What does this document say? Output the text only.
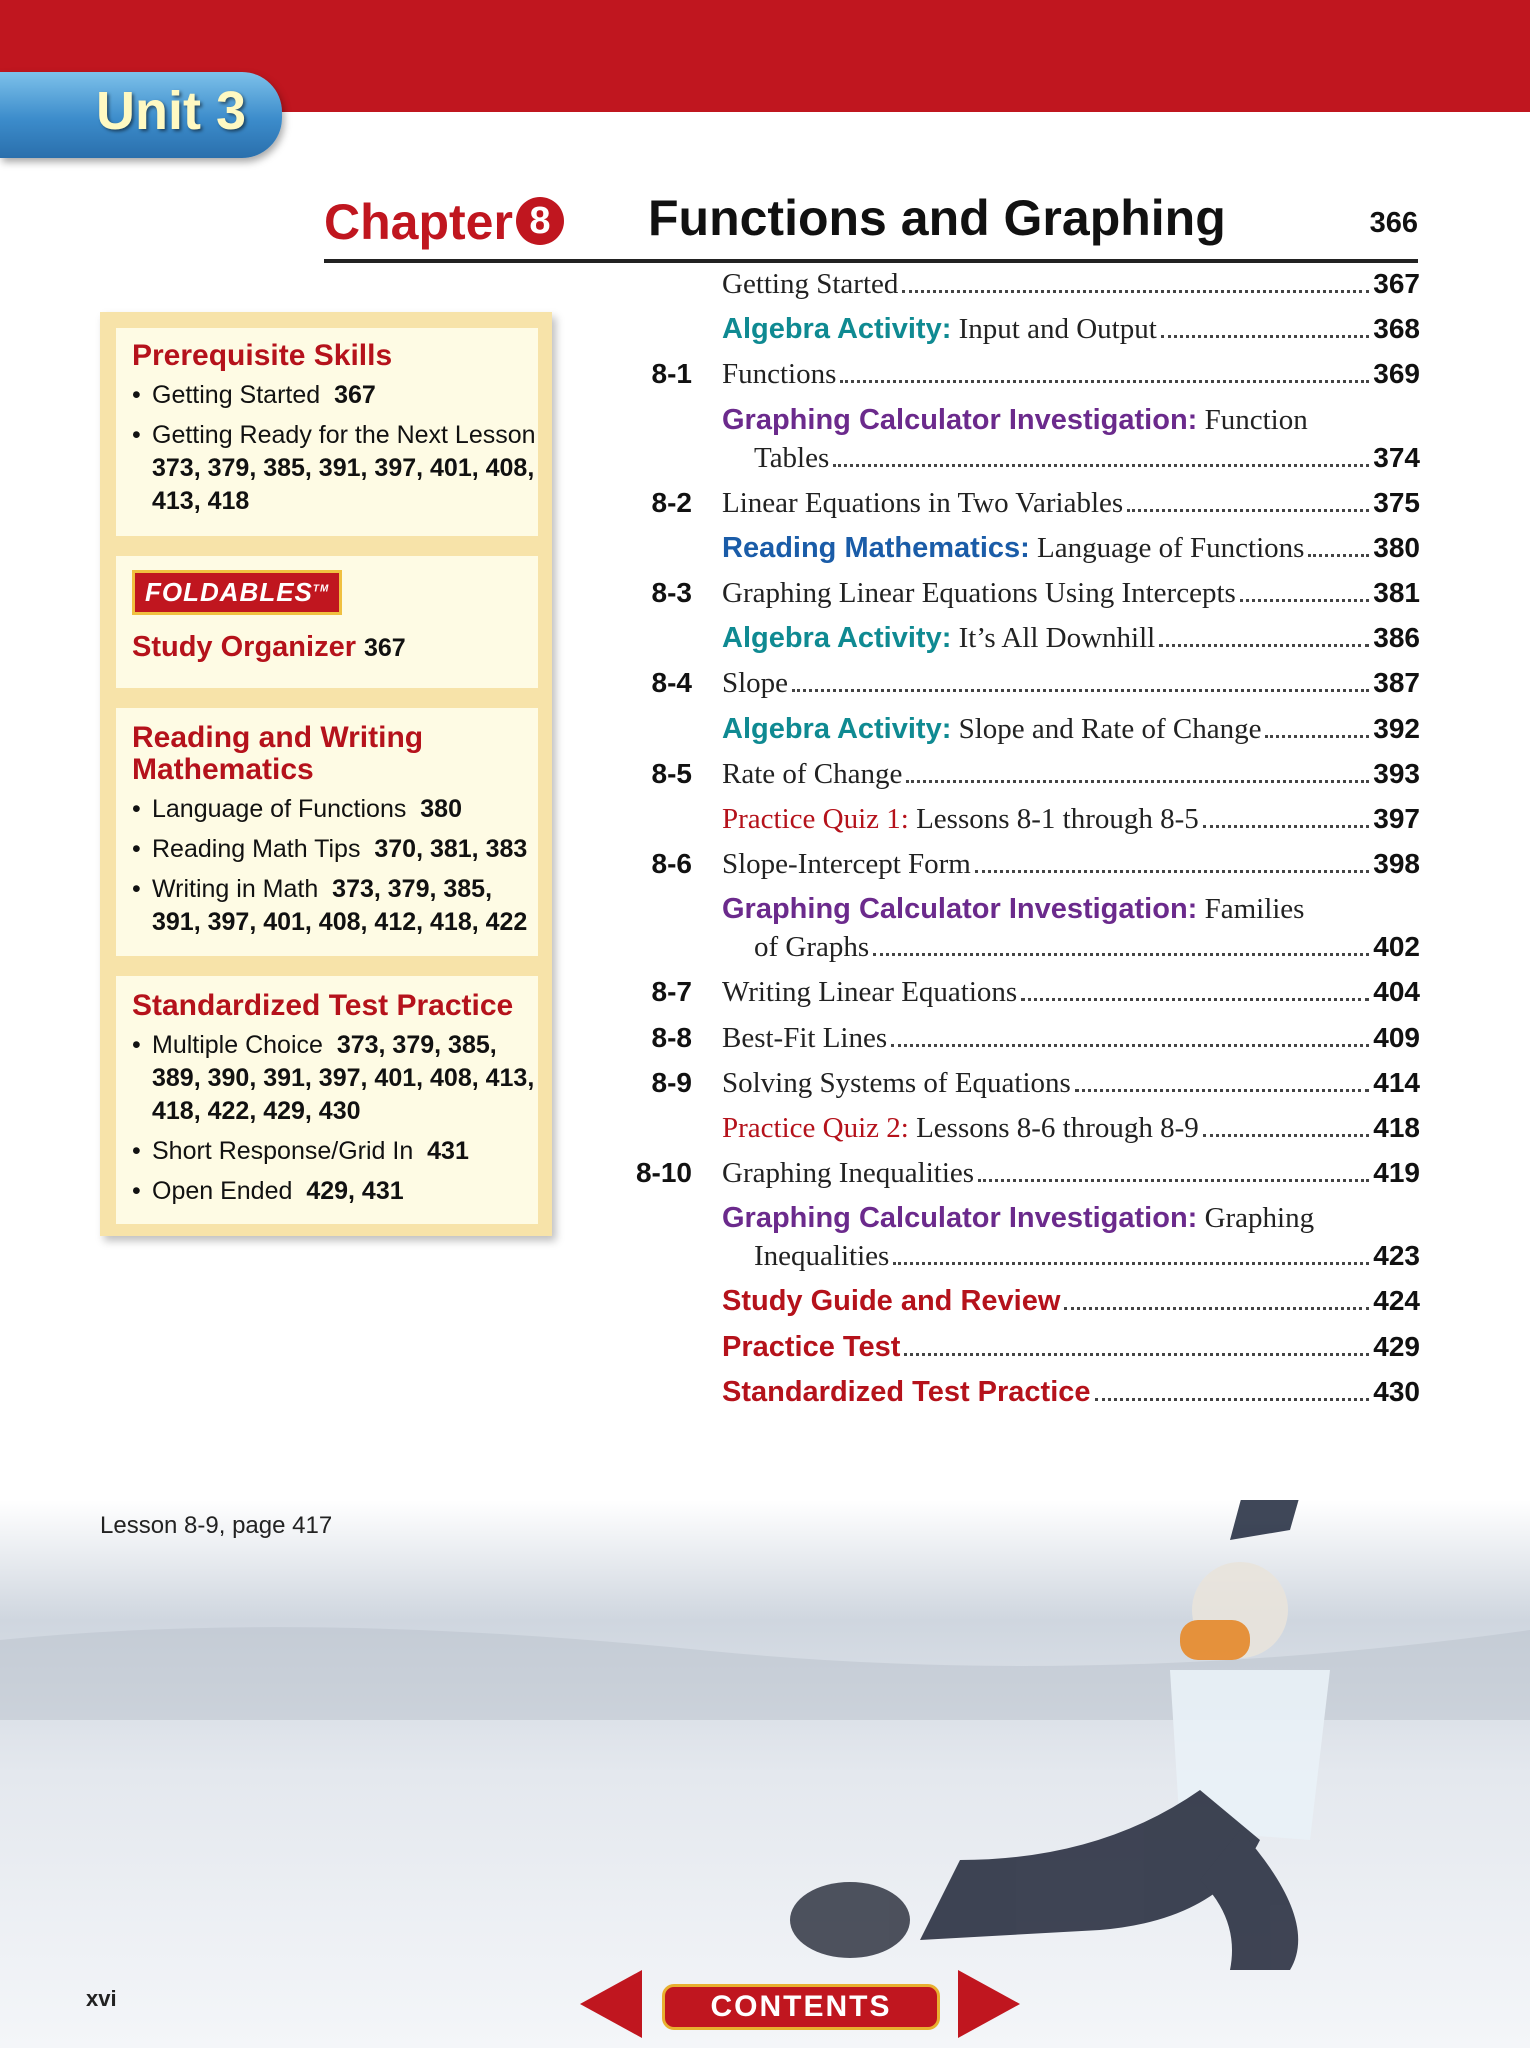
Unit 3
Chapter 8 Functions and Graphing	366
Prerequisite Skills
• Getting Started 367
• Getting Ready for the Next Lesson
373, 379, 385, 391, 397, 401, 408, 413, 418
FOLDABLES™
Study Organizer 367
Reading and Writing Mathematics
• Language of Functions 380
• Reading Math Tips 370, 381, 383
• Writing in Math 373, 379, 385, 391, 397, 401, 408, 412, 418, 422
Standardized Test Practice
• Multiple Choice 373, 379, 385, 389, 390, 391, 397, 401, 408, 413, 418, 422, 429, 430
• Short Response/Grid In 431
• Open Ended 429, 431
Getting Started	367
Algebra Activity: Input and Output	368
8-1 Functions	369
Graphing Calculator Investigation: Function
Tables	374
8-2 Linear Equations in Two Variables	375
Reading Mathematics: Language of Functions 380
8-3 Graphing Linear Equations Using Intercepts	381
Algebra Activity: It’s All Downhill	386
8-4 Slope	387
Algebra Activity: Slope and Rate of Change	392
8-5 Rate of Change	393
Practice Quiz 1: Lessons 8-1 through 8-5	397
8-6 Slope-Intercept Form	398
Graphing Calculator Investigation: Families
of Graphs	402
8-7 Writing Linear Equations	404
8-8 Best-Fit Lines	409
8-9 Solving Systems of Equations	414
Practice Quiz 2: Lessons 8-6 through 8-9	418
8-10 Graphing Inequalities	419
Graphing Calculator Investigation: Graphing
Inequalities	423
Study Guide and Review	424
Practice Test	429
Standardized Test Practice	430
Lesson 8-9, page 417
xvi	CONTENTS
